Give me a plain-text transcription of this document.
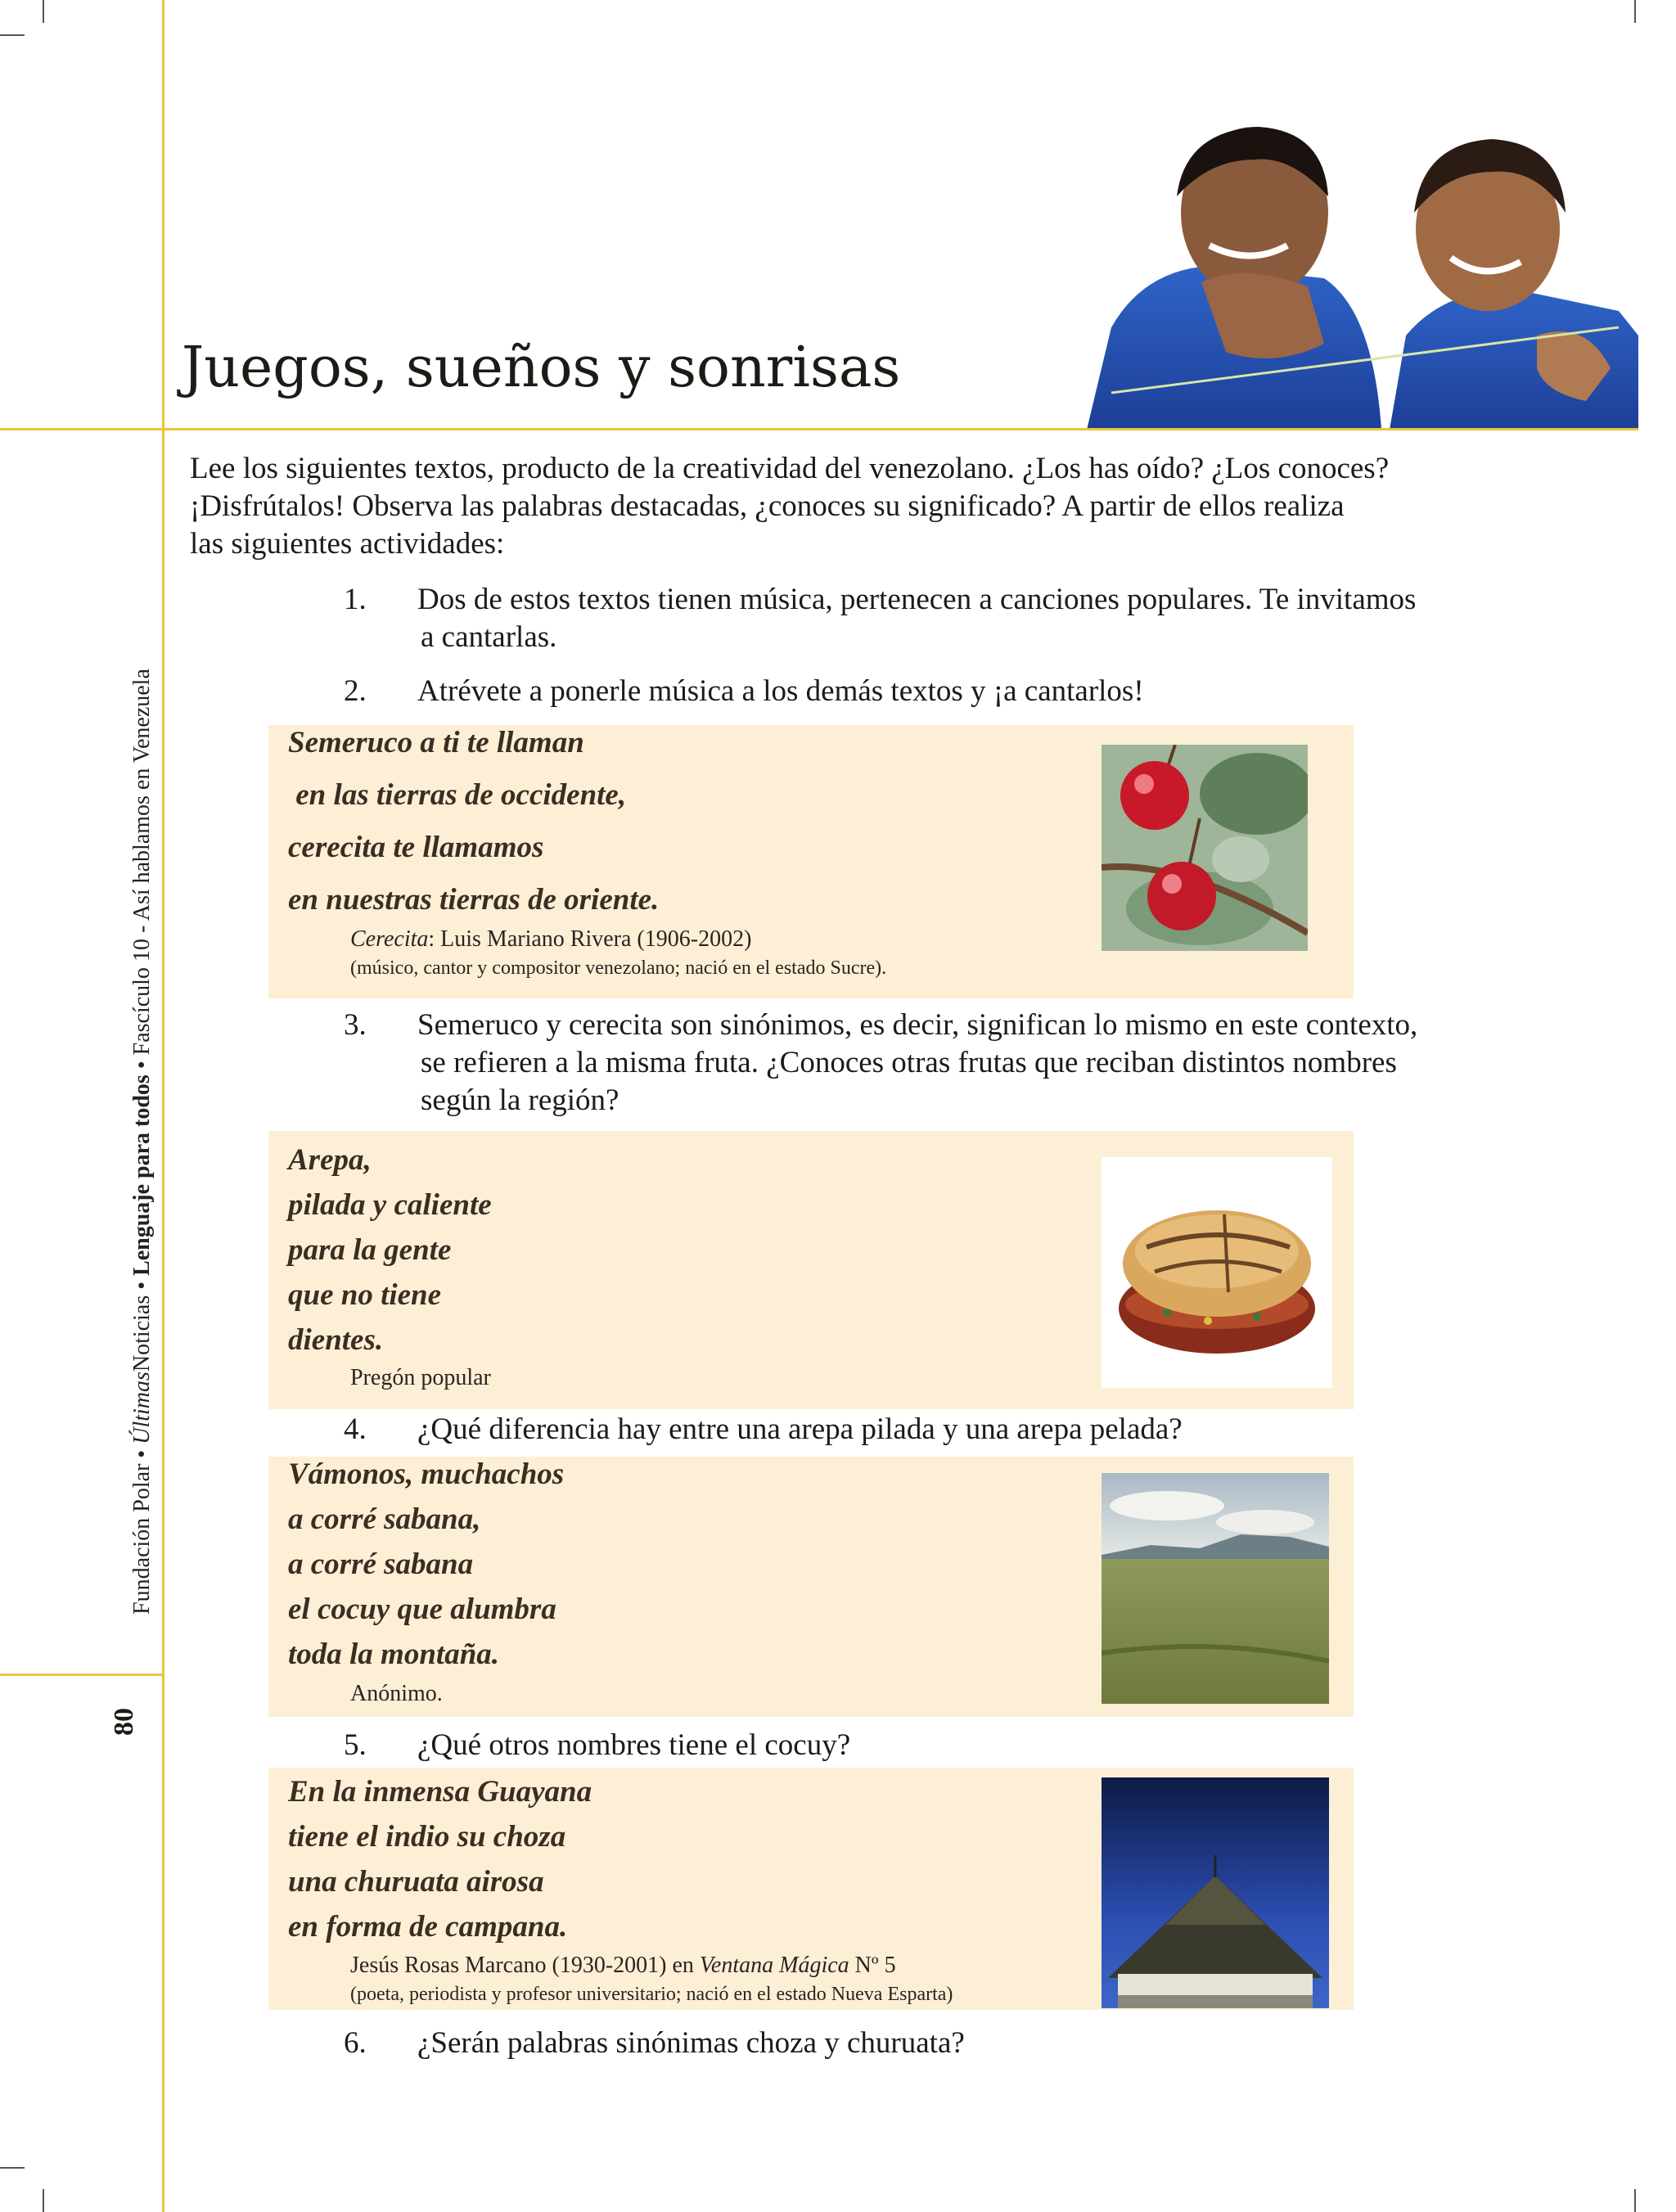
Juegos, sueños y sonrisas
Fundación Polar • ÚltimasNoticias • Lenguaje para todos • Fascículo 10 - Así hablamos en Venezuela
80
Lee los siguientes textos, producto de la creatividad del venezolano. ¿Los has oído? ¿Los conoces?
¡Disfrútalos! Observa las palabras destacadas, ¿conoces su significado? A partir de ellos realiza
las siguientes actividades:
1. Dos de estos textos tienen música, pertenecen a canciones populares. Te invitamos
a cantarlas.
2. Atrévete a ponerle música a los demás textos y ¡a cantarlos!
Semeruco a ti te llaman
en las tierras de occidente,
cerecita te llamamos
en nuestras tierras de oriente.
Cerecita: Luis Mariano Rivera (1906-2002)
(músico, cantor y compositor venezolano; nació en el estado Sucre).
3. Semeruco y cerecita son sinónimos, es decir, significan lo mismo en este contexto,
se refieren a la misma fruta. ¿Conoces otras frutas que reciban distintos nombres
según la región?
Arepa,
pilada y caliente
para la gente
que no tiene
dientes.
Pregón popular
4. ¿Qué diferencia hay entre una arepa pilada y una arepa pelada?
Vámonos, muchachos
a corré sabana,
a corré sabana
el cocuy que alumbra
toda la montaña.
Anónimo.
5. ¿Qué otros nombres tiene el cocuy?
En la inmensa Guayana
tiene el indio su choza
una churuata airosa
en forma de campana.
Jesús Rosas Marcano (1930-2001) en Ventana Mágica Nº 5
(poeta, periodista y profesor universitario; nació en el estado Nueva Esparta)
6. ¿Serán palabras sinónimas choza y churuata?
